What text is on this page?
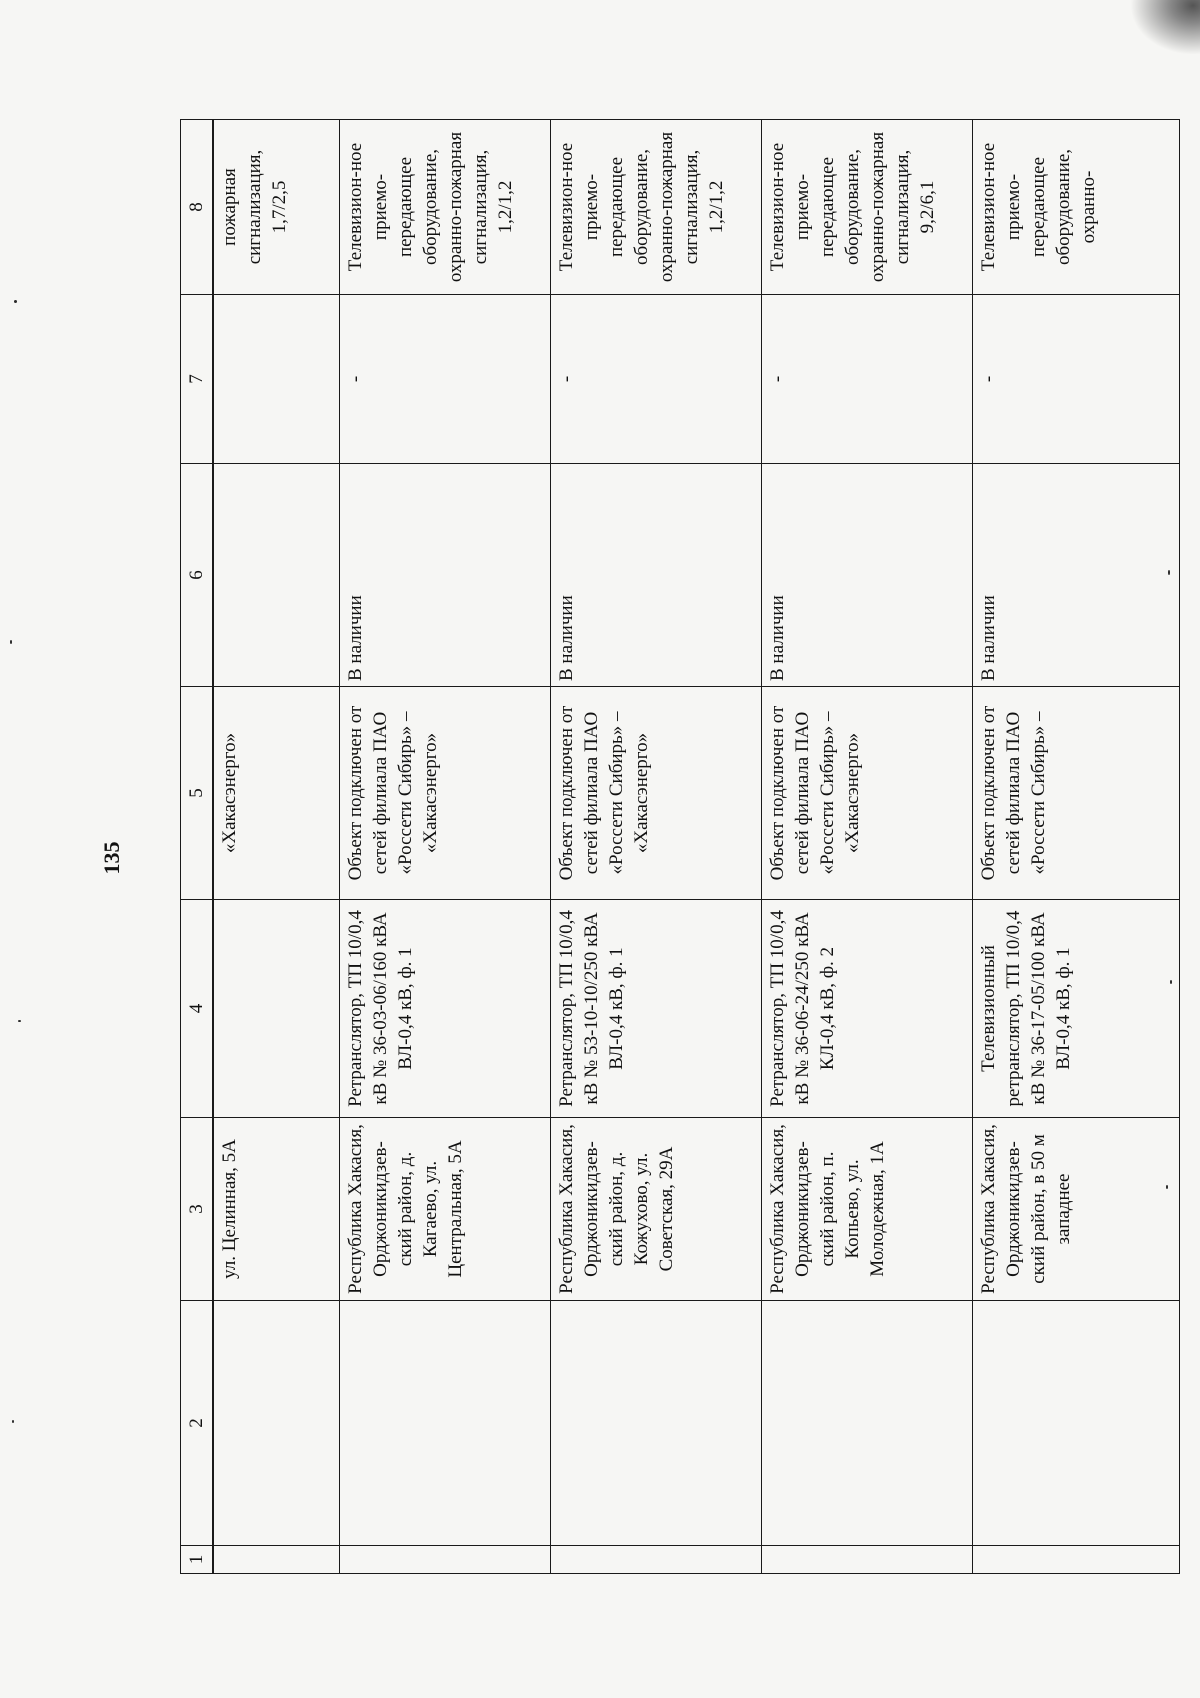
135
1	2	3	4	5	6	7	8
		ул. Целинная, 5А		«Хакасэнерго»			пожарная сигнализация, 1,7/2,5
		Республика Хакасия, Орджоникидзев-ский район, д. Кагаево, ул. Центральная, 5А	Ретранслятор, ТП 10/0,4 кВ № 36-03-06/160 кВА ВЛ-0,4 кВ, ф. 1	Объект подключен от сетей филиала ПАО «Россети Сибирь» – «Хакасэнерго»	В наличии	-	Телевизион-ное приемо-передающее оборудование, охранно-пожарная сигнализация, 1,2/1,2
		Республика Хакасия, Орджоникидзев-ский район, д. Кожухово, ул. Советская, 29А	Ретранслятор, ТП 10/0,4 кВ № 53-10-10/250 кВА ВЛ-0,4 кВ, ф. 1	Объект подключен от сетей филиала ПАО «Россети Сибирь» – «Хакасэнерго»	В наличии	-	Телевизион-ное приемо-передающее оборудование, охранно-пожарная сигнализация, 1,2/1,2
		Республика Хакасия, Орджоникидзев-ский район, п. Копьево, ул. Молодежная, 1А	Ретранслятор, ТП 10/0,4 кВ № 36-06-24/250 кВА КЛ-0,4 кВ, ф. 2	Объект подключен от сетей филиала ПАО «Россети Сибирь» – «Хакасэнерго»	В наличии	-	Телевизион-ное приемо-передающее оборудование, охранно-пожарная сигнализация, 9,2/6,1
		Республика Хакасия, Орджоникидзев-ский район, в 50 м западнее	Телевизионный ретранслятор, ТП 10/0,4 кВ № 36-17-05/100 кВА ВЛ-0,4 кВ, ф. 1	Объект подключен от сетей филиала ПАО «Россети Сибирь» –	В наличии	-	Телевизион-ное приемо-передающее оборудование, охранно-
